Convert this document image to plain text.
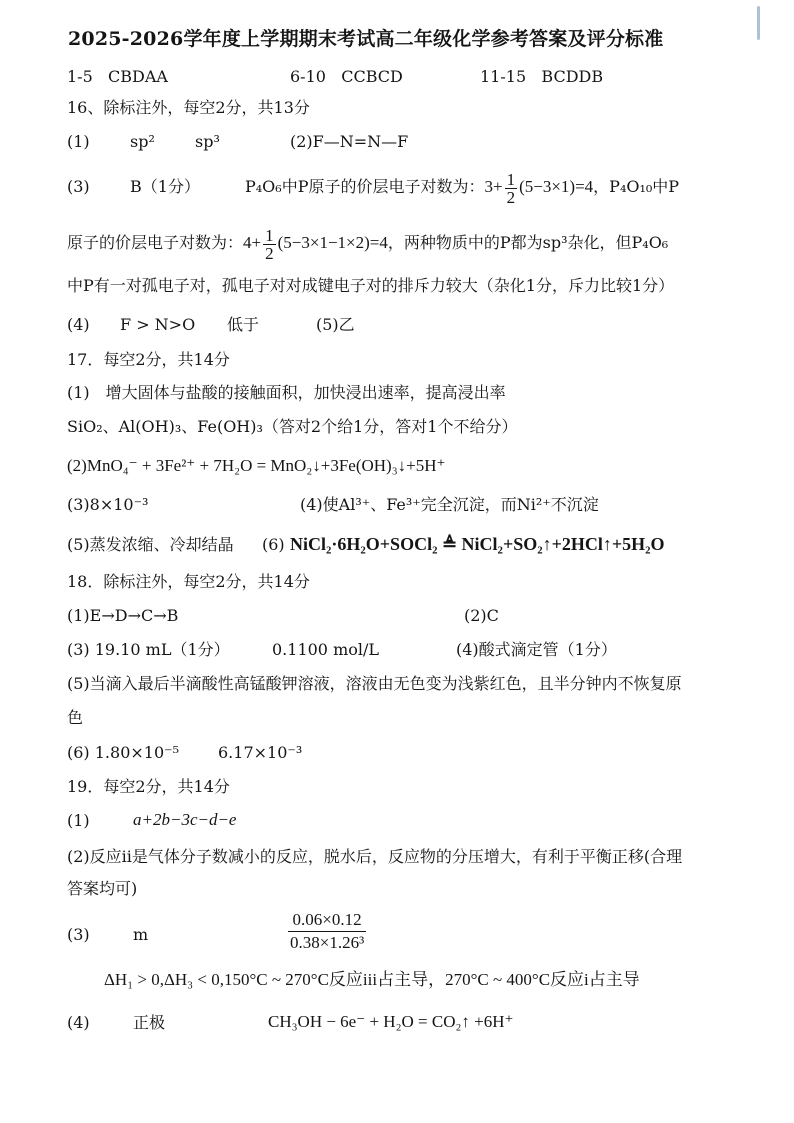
2025-2026学年度上学期期末考试高二年级化学参考答案及评分标准
1-5 CBDAA	6-10 CCBCD	11-15 BCDDB
16、除标注外，每空2分，共13分
(1)	sp²	sp³	(2)F—N=N—F
(3)	B（1分）	P₄O₆中P原子的价层电子对数为：$3+ \frac{1}{2} (5-3\times 1)=4$，P₄O₁₀中P
原子的价层电子对数为：$4+ \frac{1}{2} (5-3\times 1-1\times 2)=4$，两种物质中的P都为sp³杂化，但P₄O₆
中P有一对孤电子对，孤电子对对成键电子对的排斥力较大（杂化1分，斥力比较1分）
(4) F > N>O 低于	(5)乙
17．每空2分，共14分
(1)　增大固体与盐酸的接触面积，加快浸出速率，提高浸出率
SiO₂、Al(OH)₃、Fe(OH)₃（答对2个给1分，答对1个不给分）
(2)MnO₄⁻ + 3Fe²⁺ + 7H₂O = MnO₂↓+3Fe(OH)₃↓+5H⁺
(3)8×10⁻³	(4)使Al³⁺、Fe³⁺完全沉淀，而Ni²⁺不沉淀
(5)蒸发浓缩、冷却结晶 (6) NiCl₂·6H₂O+SOCl₂ ≜ NiCl₂+SO₂↑+2HCl↑+5H₂O
18．除标注外，每空2分，共14分
(1)E→D→C→B	(2)C
(3) 19.10 mL（1分）	0.1100 mol/L	(4)酸式滴定管（1分）
(5)当滴入最后半滴酸性高锰酸钾溶液，溶液由无色变为浅紫红色，且半分钟内不恢复原
色
(6) 1.80×10⁻⁵ 6.17×10⁻³
19．每空2分，共14分
(1)	a+2b−3c−d−e
(2)反应ii是气体分子数减小的反应，脱水后，反应物的分压增大，有利于平衡正移(合理
答案均可)
(3)	m	$\frac{0.06\times 0.12}{\text{0.38×1.26³}}$
ΔH₁ > 0,ΔH₃ < 0,150°C ~ 270°C反应iii占主导，270°C ~ 400°C反应i占主导
(4)	正极	CH₃OH − 6e⁻ + H₂O = CO₂↑ +6H⁺
